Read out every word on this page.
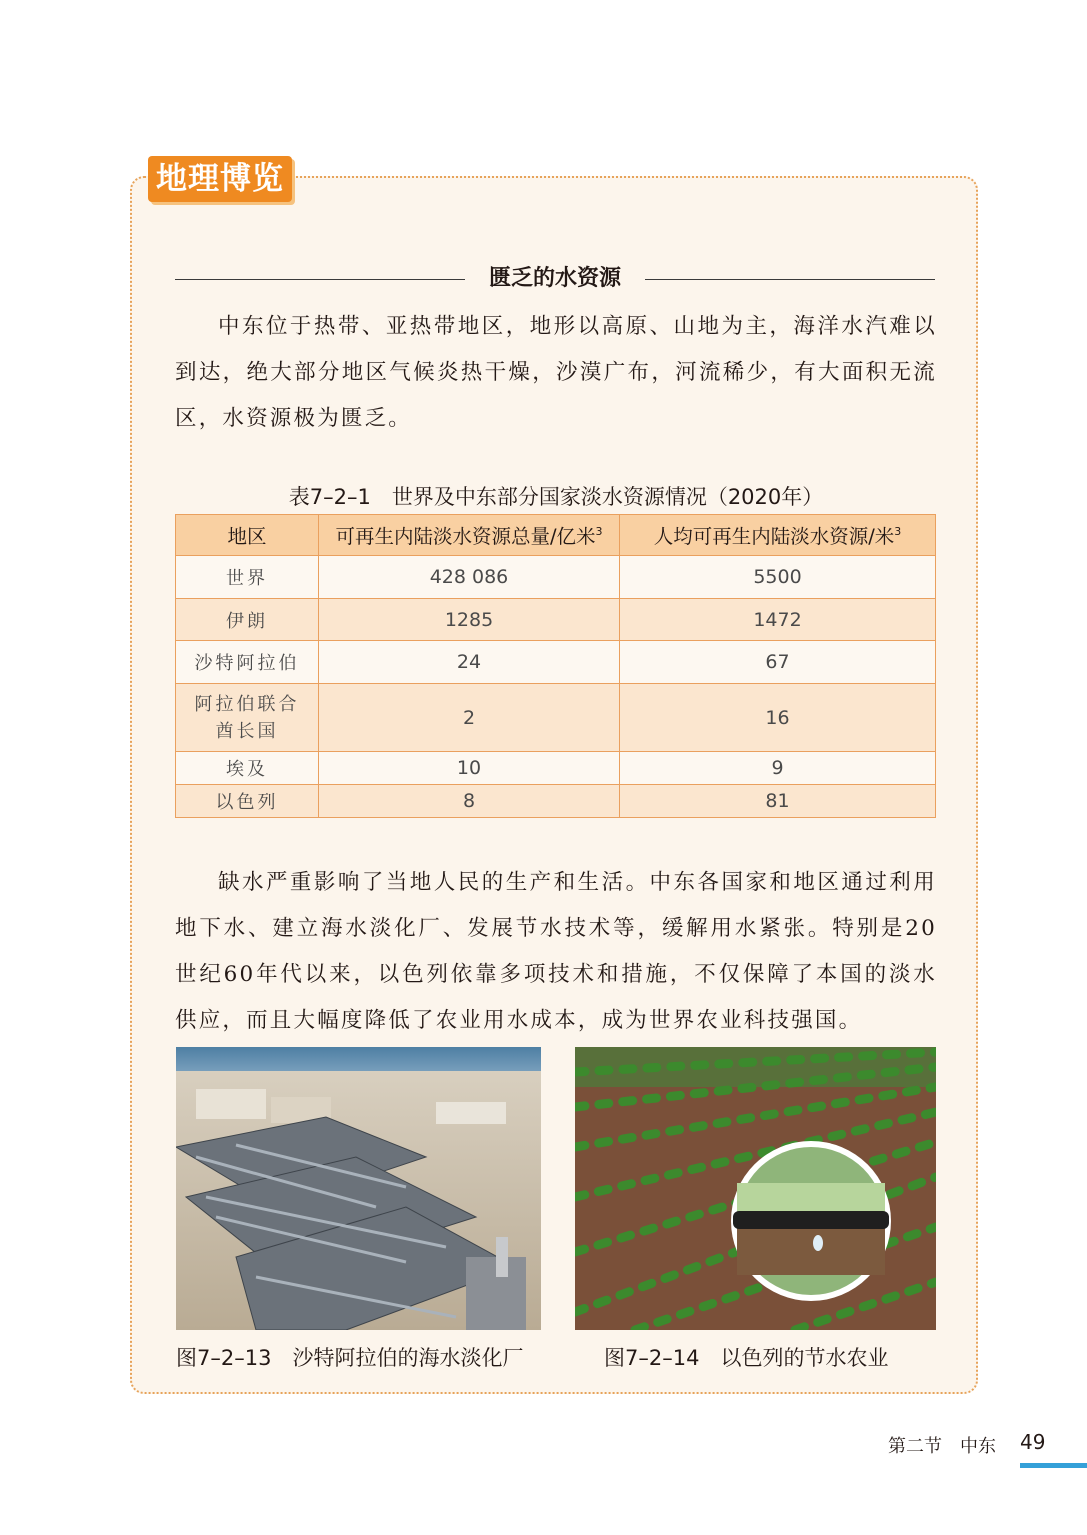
地理博览
匮乏的水资源

中东位于热带、亚热带地区，地形以高原、山地为主，海洋水汽难以到达，绝大部分地区气候炎热干燥，沙漠广布，河流稀少，有大面积无流区，水资源极为匮乏。

表7–2–1　世界及中东部分国家淡水资源情况（2020年）
地区	可再生内陆淡水资源总量/亿米$^3$	人均可再生内陆淡水资源/米$^3$
世界	428 086	5500
伊朗	1285	1472
沙特阿拉伯	24	67
阿拉伯联合
酋长国	2	16
埃及	10	9
以色列	8	81

缺水严重影响了当地人民的生产和生活。中东各国家和地区通过利用地下水、建立海水淡化厂、发展节水技术等，缓解用水紧张。特别是20世纪60年代以来，以色列依靠多项技术和措施，不仅保障了本国的淡水供应，而且大幅度降低了农业用水成本，成为世界农业科技强国。

图7–2–13　沙特阿拉伯的海水淡化厂	图7–2–14　以色列的节水农业
第二节　中东 49
